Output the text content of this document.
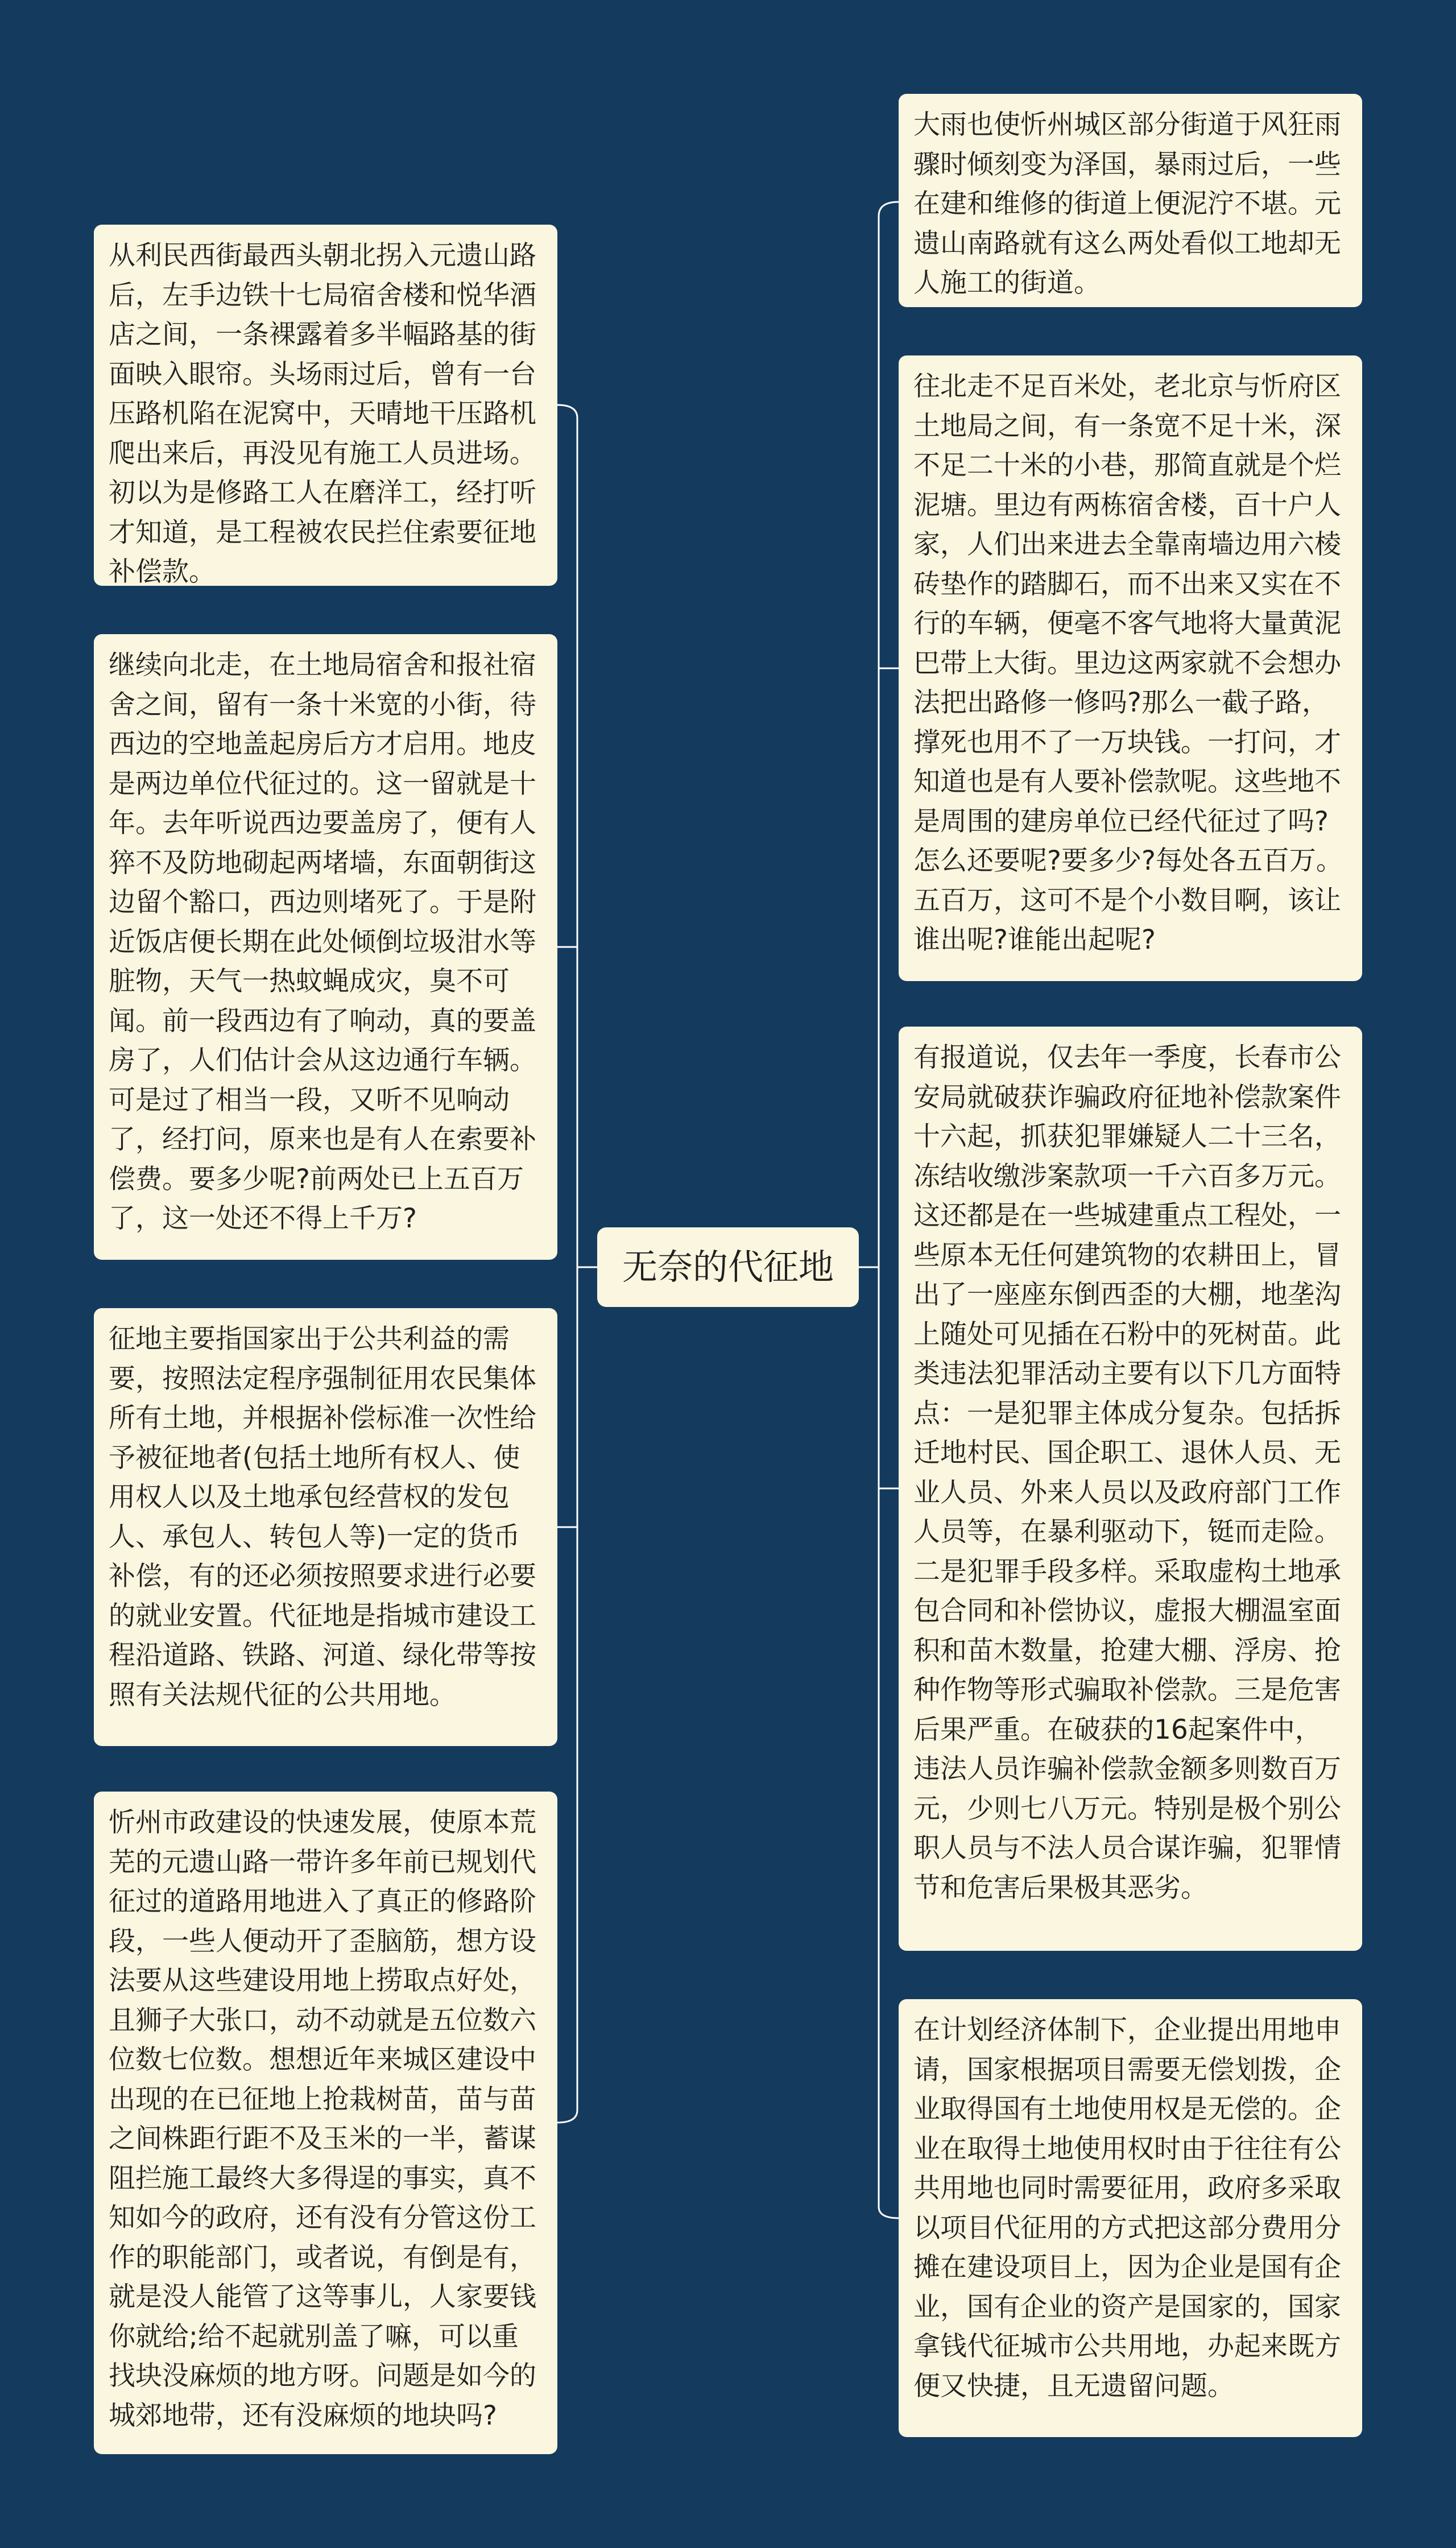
无奈的代征地
大雨也使忻州城区部分街道于风狂雨骤时倾刻变为泽国，暴雨过后，一些在建和维修的街道上便泥泞不堪。元遗山南路就有这么两处看似工地却无人施工的街道。
往北走不足百米处，老北京与忻府区土地局之间，有一条宽不足十米，深不足二十米的小巷，那简直就是个烂泥塘。里边有两栋宿舍楼，百十户人家，人们出来进去全靠南墙边用六棱砖垫作的踏脚石，而不出来又实在不行的车辆，便毫不客气地将大量黄泥巴带上大街。里边这两家就不会想办法把出路修一修吗?那么一截子路，撑死也用不了一万块钱。一打问，才知道也是有人要补偿款呢。这些地不是周围的建房单位已经代征过了吗?怎么还要呢?要多少?每处各五百万。五百万，这可不是个小数目啊，该让谁出呢?谁能出起呢?
有报道说，仅去年一季度，长春市公安局就破获诈骗政府征地补偿款案件十六起，抓获犯罪嫌疑人二十三名，冻结收缴涉案款项一千六百多万元。这还都是在一些城建重点工程处，一些原本无任何建筑物的农耕田上，冒出了一座座东倒西歪的大棚，地垄沟上随处可见插在石粉中的死树苗。此类违法犯罪活动主要有以下几方面特点：一是犯罪主体成分复杂。包括拆迁地村民、国企职工、退休人员、无业人员、外来人员以及政府部门工作人员等，在暴利驱动下，铤而走险。二是犯罪手段多样。采取虚构土地承包合同和补偿协议，虚报大棚温室面积和苗木数量，抢建大棚、浮房、抢种作物等形式骗取补偿款。三是危害后果严重。在破获的16起案件中，违法人员诈骗补偿款金额多则数百万元，少则七八万元。特别是极个别公职人员与不法人员合谋诈骗，犯罪情节和危害后果极其恶劣。
在计划经济体制下，企业提出用地申请，国家根据项目需要无偿划拨，企业取得国有土地使用权是无偿的。企业在取得土地使用权时由于往往有公共用地也同时需要征用，政府多采取以项目代征用的方式把这部分费用分摊在建设项目上，因为企业是国有企业，国有企业的资产是国家的，国家拿钱代征城市公共用地，办起来既方便又快捷，且无遗留问题。
从利民西街最西头朝北拐入元遗山路后，左手边铁十七局宿舍楼和悦华酒店之间，一条裸露着多半幅路基的街面映入眼帘。头场雨过后，曾有一台压路机陷在泥窝中，天晴地干压路机爬出来后，再没见有施工人员进场。初以为是修路工人在磨洋工，经打听才知道，是工程被农民拦住索要征地补偿款。
继续向北走，在土地局宿舍和报社宿舍之间，留有一条十米宽的小街，待西边的空地盖起房后方才启用。地皮是两边单位代征过的。这一留就是十年。去年听说西边要盖房了，便有人猝不及防地砌起两堵墙，东面朝街这边留个豁口，西边则堵死了。于是附近饭店便长期在此处倾倒垃圾泔水等脏物，天气一热蚊蝇成灾，臭不可闻。前一段西边有了响动，真的要盖房了，人们估计会从这边通行车辆。可是过了相当一段，又听不见响动了，经打问，原来也是有人在索要补偿费。要多少呢?前两处已上五百万了，这一处还不得上千万?
征地主要指国家出于公共利益的需要，按照法定程序强制征用农民集体所有土地，并根据补偿标准一次性给予被征地者(包括土地所有权人、使用权人以及土地承包经营权的发包人、承包人、转包人等)一定的货币补偿，有的还必须按照要求进行必要的就业安置。代征地是指城市建设工程沿道路、铁路、河道、绿化带等按照有关法规代征的公共用地。
忻州市政建设的快速发展，使原本荒芜的元遗山路一带许多年前已规划代征过的道路用地进入了真正的修路阶段，一些人便动开了歪脑筋，想方设法要从这些建设用地上捞取点好处，且狮子大张口，动不动就是五位数六位数七位数。想想近年来城区建设中出现的在已征地上抢栽树苗，苗与苗之间株距行距不及玉米的一半，蓄谋阻拦施工最终大多得逞的事实，真不知如今的政府，还有没有分管这份工作的职能部门，或者说，有倒是有，就是没人能管了这等事儿，人家要钱你就给;给不起就别盖了嘛，可以重找块没麻烦的地方呀。问题是如今的城郊地带，还有没麻烦的地块吗?
